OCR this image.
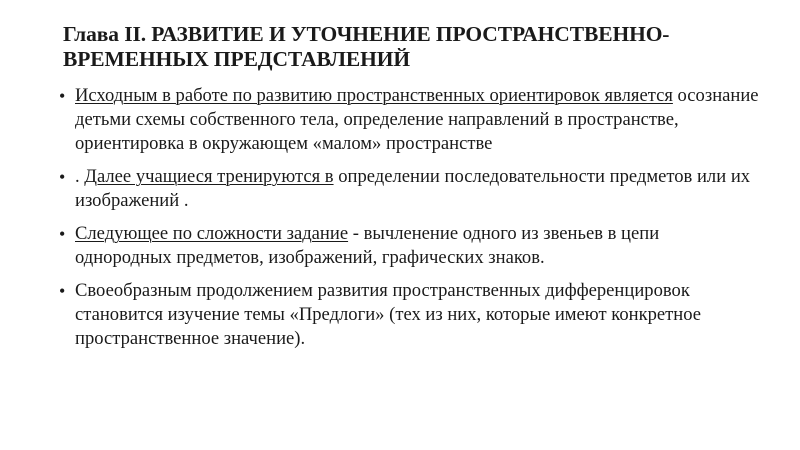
Глава II. РАЗВИТИЕ И УТОЧНЕНИЕ ПРОСТРАНСТВЕННО-
ВРЕМЕННЫХ ПРЕДСТАВЛЕНИЙ
• Исходным в работе по развитию пространственных ориентировок является осознание детьми схемы собственного тела, определение направлений в пространстве, ориентировка в окружающем «малом» пространстве
• . Далее учащиеся тренируются в определении последовательности предметов или их изображений .
• Следующее по сложности задание - вычленение одного из звеньев в цепи однородных предметов, изображений, графических знаков.
• Своеобразным продолжением развития пространственных дифференцировок становится изучение темы «Предлоги» (тех из них, которые имеют конкретное пространственное значение).
